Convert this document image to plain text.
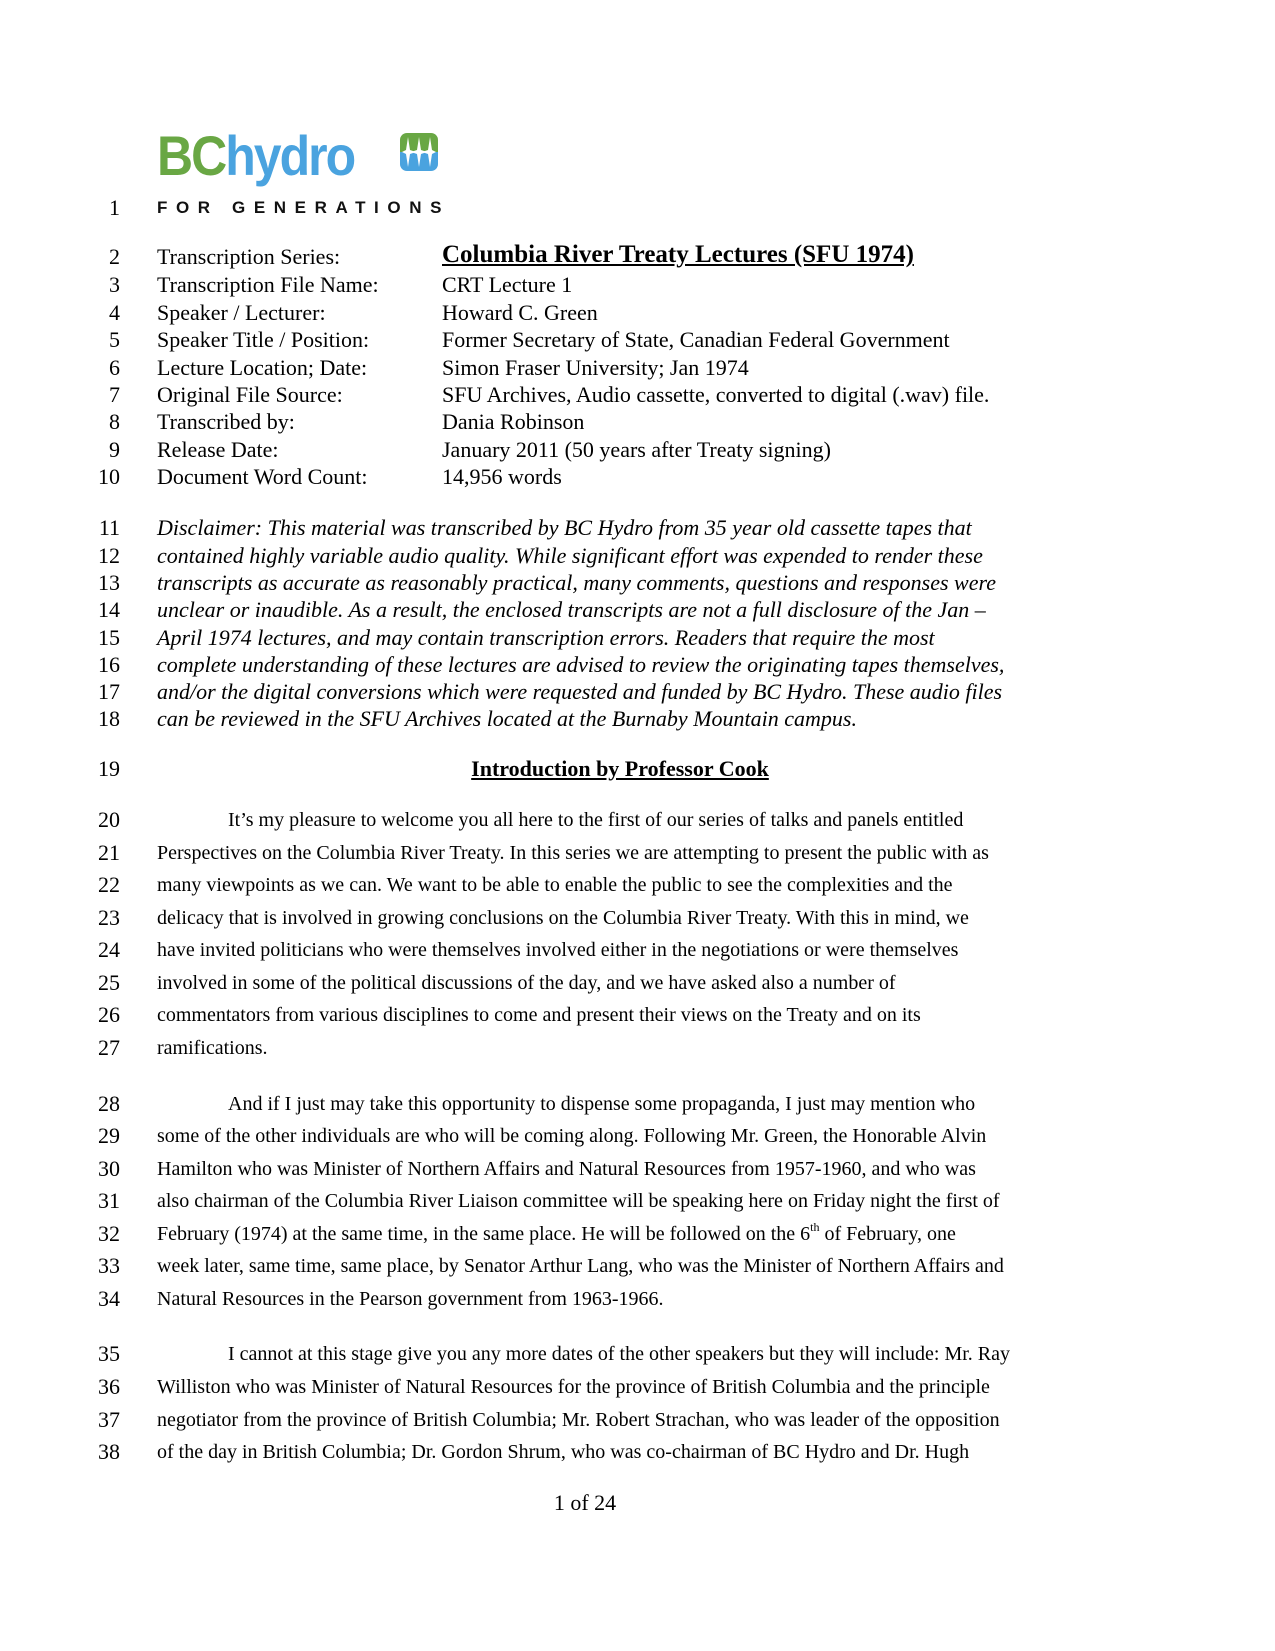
BChydro
FOR GENERATIONS
1
2
3
4
5
6
7
8
9
10
11
12
13
14
15
16
17
18
19
20
21
22
23
24
25
26
27
28
29
30
31
32
33
34
35
36
37
38
Transcription Series:	Columbia River Treaty Lectures (SFU 1974)
Transcription File Name:	CRT Lecture 1
Speaker / Lecturer:	Howard C. Green
Speaker Title / Position:	Former Secretary of State, Canadian Federal Government
Lecture Location; Date:	Simon Fraser University; Jan 1974
Original File Source:	SFU Archives, Audio cassette, converted to digital (.wav) file.
Transcribed by:	Dania Robinson
Release Date:	January 2011 (50 years after Treaty signing)
Document Word Count:	14,956 words
Disclaimer: This material was transcribed by BC Hydro from 35 year old cassette tapes that
contained highly variable audio quality. While significant effort was expended to render these
transcripts as accurate as reasonably practical, many comments, questions and responses were
unclear or inaudible. As a result, the enclosed transcripts are not a full disclosure of the Jan –
April 1974 lectures, and may contain transcription errors. Readers that require the most
complete understanding of these lectures are advised to review the originating tapes themselves,
and/or the digital conversions which were requested and funded by BC Hydro. These audio files
can be reviewed in the SFU Archives located at the Burnaby Mountain campus.
Introduction by Professor Cook
It’s my pleasure to welcome you all here to the first of our series of talks and panels entitled
Perspectives on the Columbia River Treaty. In this series we are attempting to present the public with as
many viewpoints as we can. We want to be able to enable the public to see the complexities and the
delicacy that is involved in growing conclusions on the Columbia River Treaty. With this in mind, we
have invited politicians who were themselves involved either in the negotiations or were themselves
involved in some of the political discussions of the day, and we have asked also a number of
commentators from various disciplines to come and present their views on the Treaty and on its
ramifications.
And if I just may take this opportunity to dispense some propaganda, I just may mention who
some of the other individuals are who will be coming along. Following Mr. Green, the Honorable Alvin
Hamilton who was Minister of Northern Affairs and Natural Resources from 1957-1960, and who was
also chairman of the Columbia River Liaison committee will be speaking here on Friday night the first of
February (1974) at the same time, in the same place. He will be followed on the 6th of February, one
week later, same time, same place, by Senator Arthur Lang, who was the Minister of Northern Affairs and
Natural Resources in the Pearson government from 1963-1966.
I cannot at this stage give you any more dates of the other speakers but they will include: Mr. Ray
Williston who was Minister of Natural Resources for the province of British Columbia and the principle
negotiator from the province of British Columbia; Mr. Robert Strachan, who was leader of the opposition
of the day in British Columbia; Dr. Gordon Shrum, who was co-chairman of BC Hydro and Dr. Hugh
1 of 24
